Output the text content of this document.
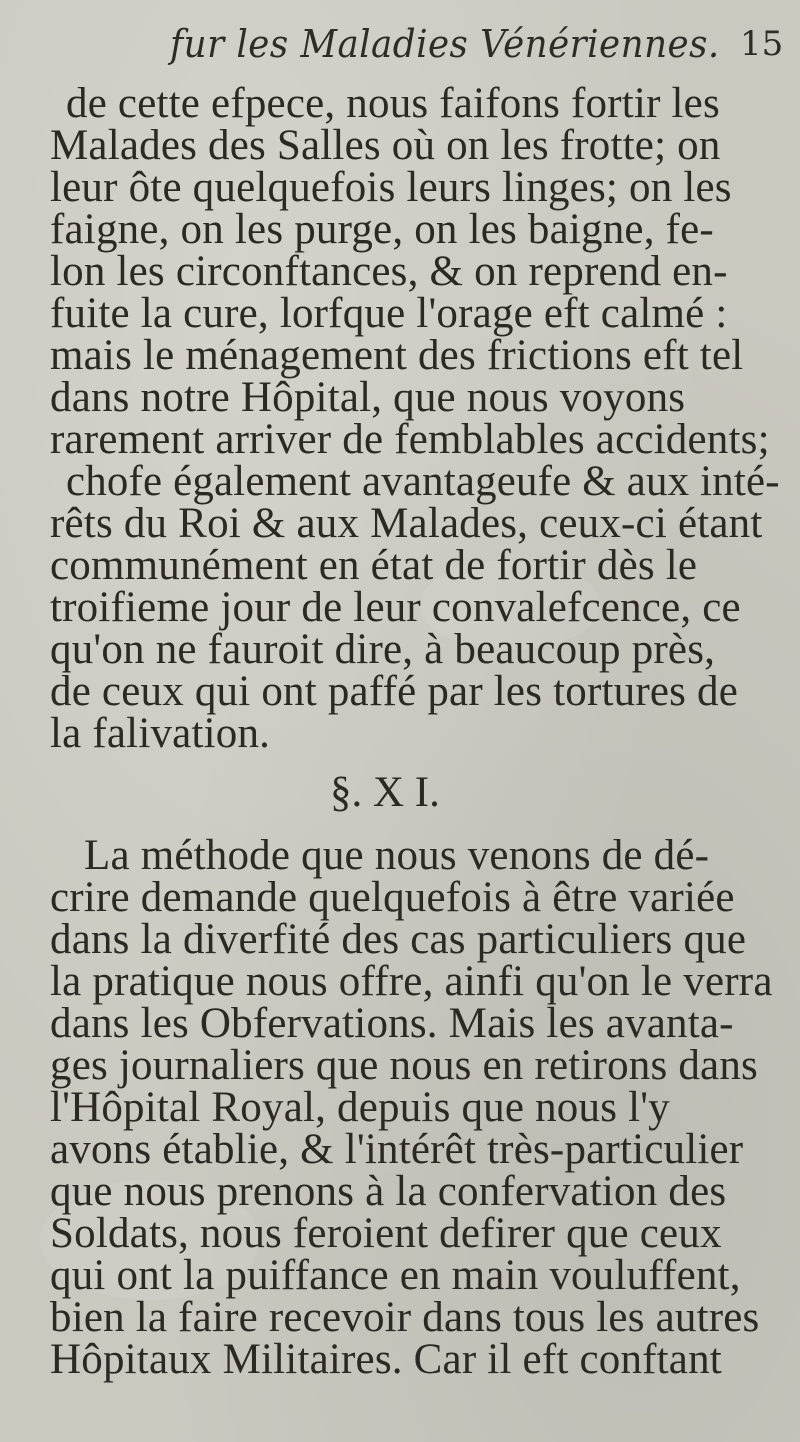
fur les Maladies Vénériennes. 15
de cette efpece, nous faifons fortir les
Malades des Salles où on les frotte; on
leur ôte quelquefois leurs linges; on les
faigne, on les purge, on les baigne, fe-
lon les circonftances, & on reprend en-
fuite la cure, lorfque l'orage eft calmé :
mais le ménagement des frictions eft tel
dans notre Hôpital, que nous voyons
rarement arriver de femblables accidents;
chofe également avantageufe & aux inté-
rêts du Roi & aux Malades, ceux-ci étant
communément en état de fortir dès le
troifieme jour de leur convalefcence, ce
qu'on ne fauroit dire, à beaucoup près,
de ceux qui ont paffé par les tortures de
la falivation.
§. X I.
La méthode que nous venons de dé-
crire demande quelquefois à être variée
dans la diverfité des cas particuliers que
la pratique nous offre, ainfi qu'on le verra
dans les Obfervations. Mais les avanta-
ges journaliers que nous en retirons dans
l'Hôpital Royal, depuis que nous l'y
avons établie, & l'intérêt très-particulier
que nous prenons à la confervation des
Soldats, nous feroient defirer que ceux
qui ont la puiffance en main vouluffent,
bien la faire recevoir dans tous les autres
Hôpitaux Militaires. Car il eft conftant
